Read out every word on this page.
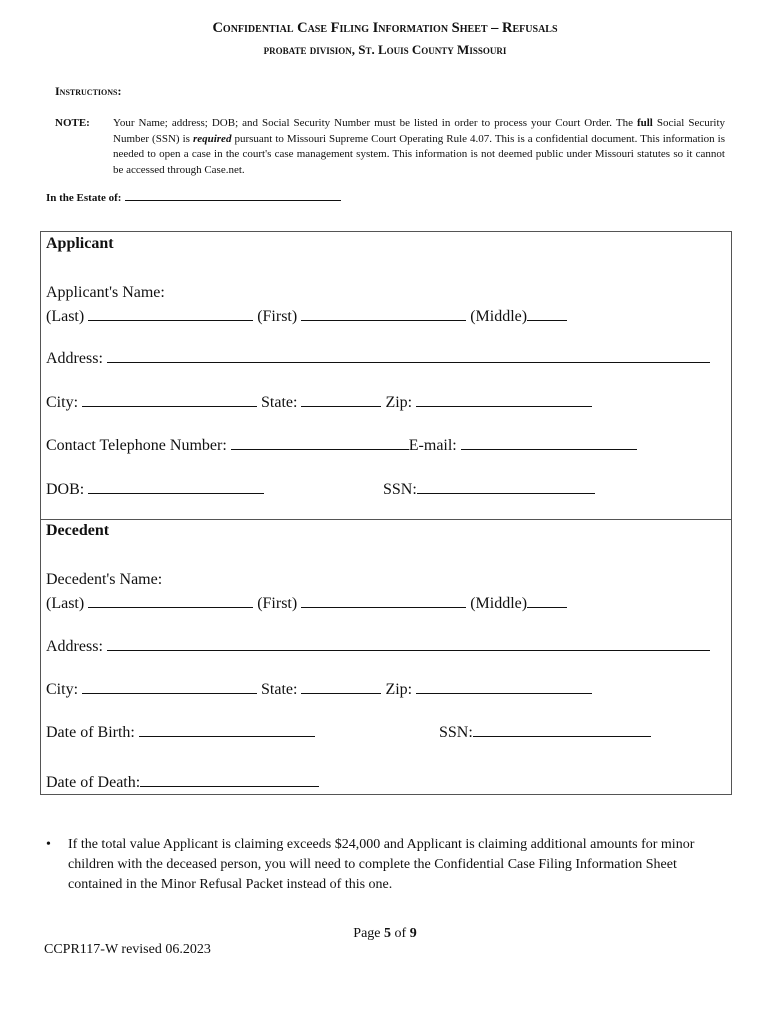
Confidential Case Filing Information Sheet – Refusals
probate division, St. Louis County Missouri
Instructions:
NOTE: Your Name; address; DOB; and Social Security Number must be listed in order to process your Court Order. The full Social Security Number (SSN) is required pursuant to Missouri Supreme Court Operating Rule 4.07. This is a confidential document. This information is needed to open a case in the court's case management system. This information is not deemed public under Missouri statutes so it cannot be accessed through Case.net.
In the Estate of:
Applicant
Applicant's Name:
(Last)	(First)	(Middle)
Address:
City:	State:	Zip:
Contact Telephone Number:	E-mail:
DOB:	SSN:
Decedent
Decedent's Name:
(Last)	(First)	(Middle)
Address:
City:	State:	Zip:
Date of Birth:	SSN:
Date of Death:
• If the total value Applicant is claiming exceeds $24,000 and Applicant is claiming additional amounts for minor children with the deceased person, you will need to complete the Confidential Case Filing Information Sheet contained in the Minor Refusal Packet instead of this one.
Page 5 of 9
CCPR117-W revised 06.2023
